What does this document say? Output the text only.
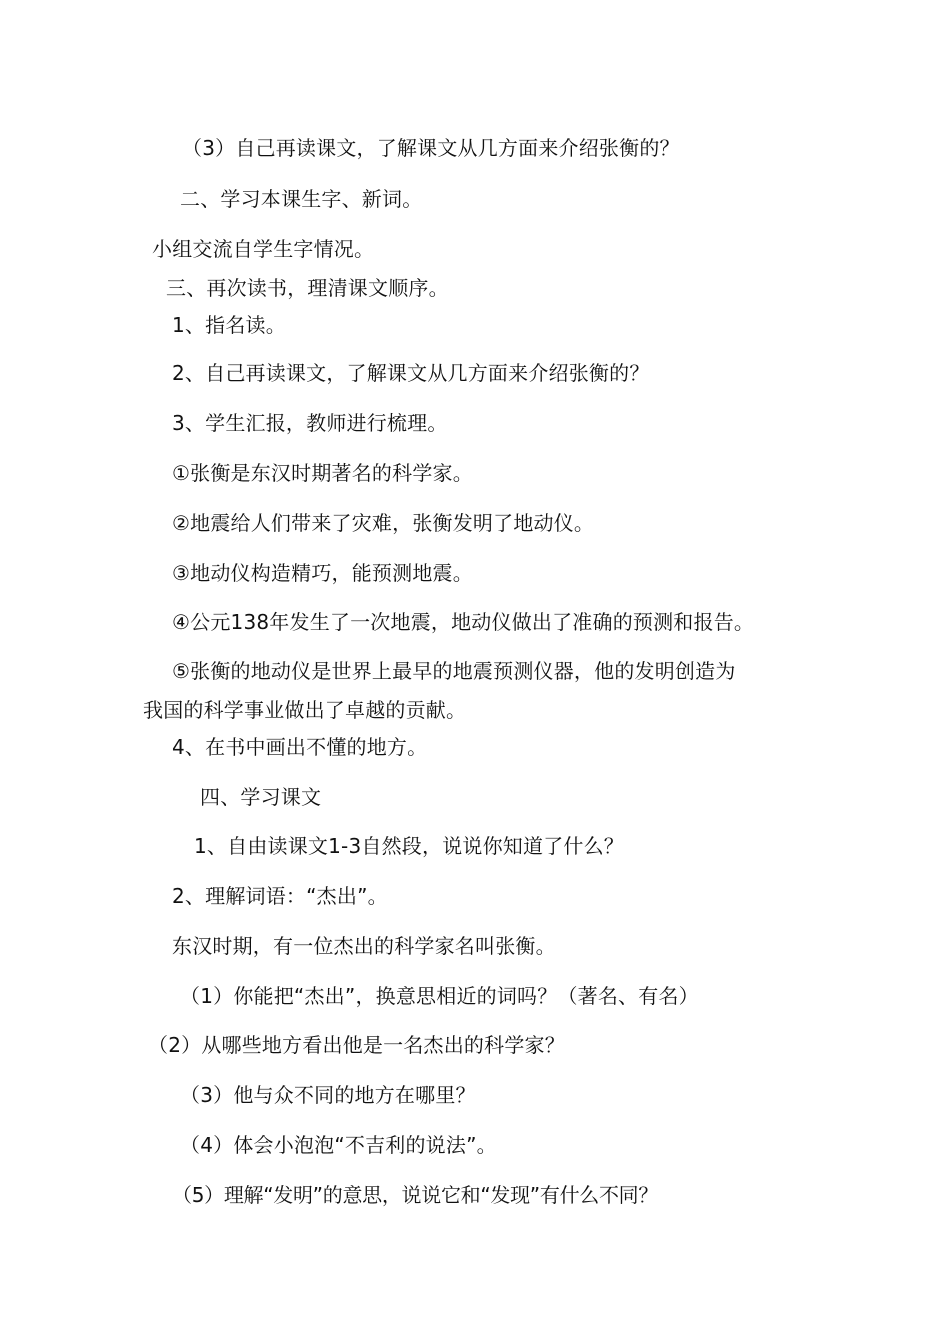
（3）自己再读课文，了解课文从几方面来介绍张衡的？
二、学习本课生字、新词。
小组交流自学生字情况。
三、再次读书，理清课文顺序。
1、指名读。
2、自己再读课文，了解课文从几方面来介绍张衡的？
3、学生汇报，教师进行梳理。
①张衡是东汉时期著名的科学家。
②地震给人们带来了灾难，张衡发明了地动仪。
③地动仪构造精巧，能预测地震。
④公元138年发生了一次地震，地动仪做出了准确的预测和报告。
⑤张衡的地动仪是世界上最早的地震预测仪器，他的发明创造为
我国的科学事业做出了卓越的贡献。
4、在书中画出不懂的地方。
四、学习课文
1、自由读课文1-3自然段，说说你知道了什么？
2、理解词语：“杰出”。
东汉时期，有一位杰出的科学家名叫张衡。
（1）你能把“杰出”，换意思相近的词吗？（著名、有名）
（2）从哪些地方看出他是一名杰出的科学家？
（3）他与众不同的地方在哪里？
（4）体会小泡泡“不吉利的说法”。
（5）理解“发明”的意思，说说它和“发现”有什么不同？
